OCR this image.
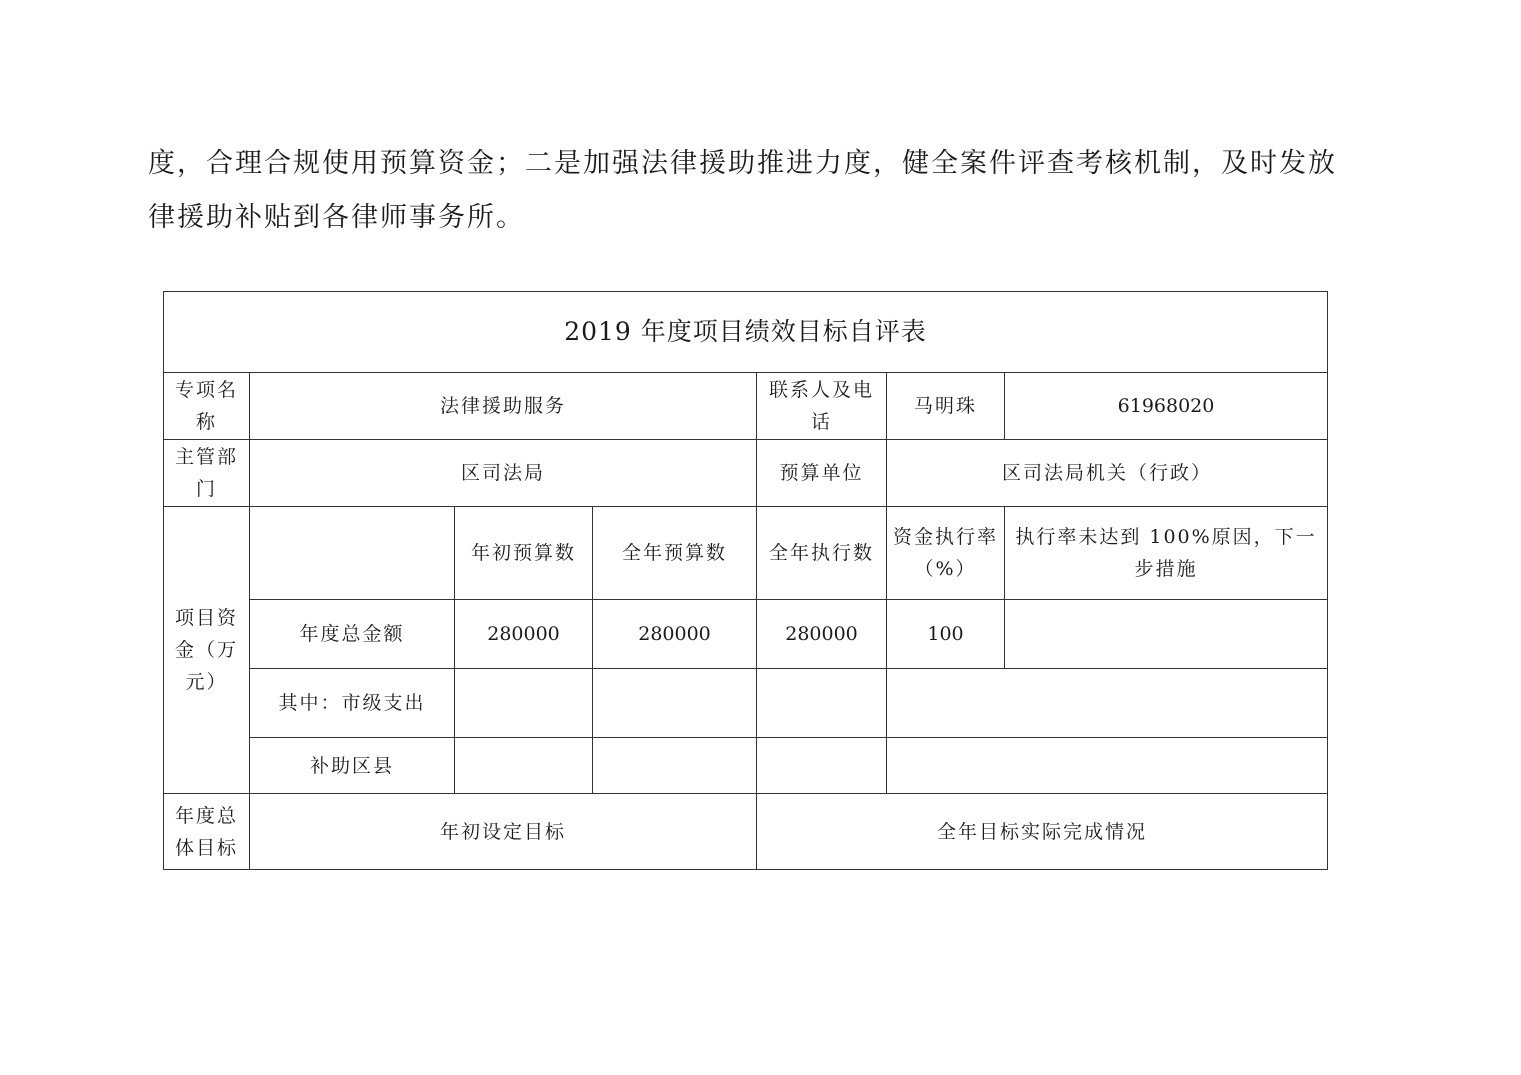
度，合理合规使用预算资金；二是加强法律援助推进力度，健全案件评查考核机制，及时发放
律援助补贴到各律师事务所。
2019 年度项目绩效目标自评表						
专项名称	法律援助服务			联系人及电话	马明珠	61968020
主管部门	区司法局			预算单位	区司法局机关（行政）	
项目资金（万元）		年初预算数	全年预算数	全年执行数	资金执行率（%）	执行率未达到 100%原因，下一步措施
	年度总金额	280000	280000	280000	100	
	其中：市级支出					
	补助区县					
年度总体目标	年初设定目标			全年目标实际完成情况		
